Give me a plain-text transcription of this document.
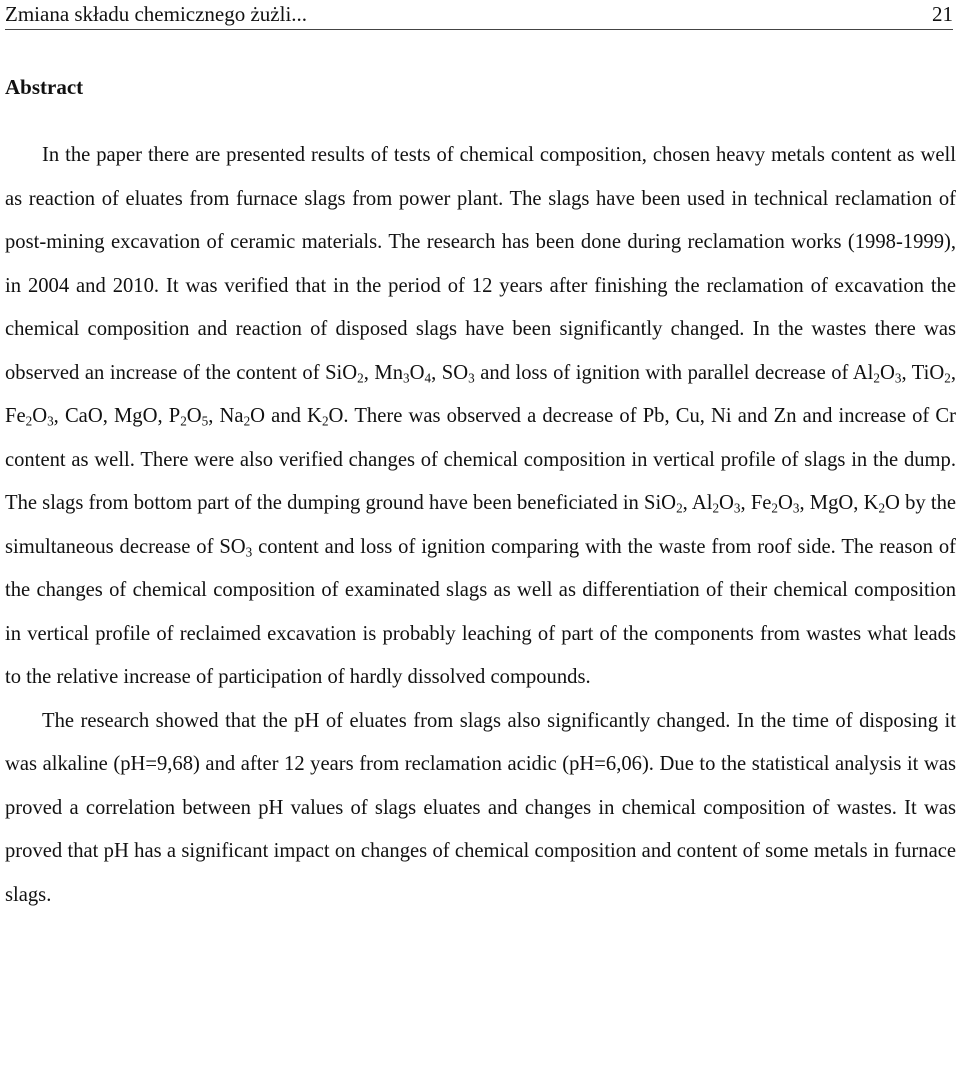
Zmiana składu chemicznego żużli...	21
Abstract

In the paper there are presented results of tests of chemical composition, chosen heavy metals content as well as reaction of eluates from furnace slags from power plant. The slags have been used in technical reclamation of post-mining excavation of ceramic materials. The research has been done during reclamation works (1998-1999), in 2004 and 2010. It was verified that in the period of 12 years after finishing the reclamation of excavation the chemical composition and reaction of disposed slags have been significantly changed. In the wastes there was observed an increase of the content of SiO$_2$, $Mn_3O_4$, $SO_3$ and loss of ignition with parallel decrease of $Al_2O_3$, TiO$_2$, $Fe_2O_3$, CaO, MgO, $P_2O_5$, $Na_2O$ and $K_2O$. There was observed a decrease of Pb, Cu, Ni and Zn and increase of Cr content as well. There were also verified changes of chemical composition in vertical profile of slags in the dump. The slags from bottom part of the dumping ground have been beneficiated in SiO$_2$, $Al_2O_3$, $Fe_2O_3$, MgO, $K_2O$ by the simultaneous decrease of $SO_3$ content and loss of ignition comparing with the waste from roof side. The reason of the changes of chemical composition of examinated slags as well as differentiation of their chemical composition in vertical profile of reclaimed excavation is probably leaching of part of the components from wastes what leads to the relative increase of participation of hardly dissolved compounds.

The research showed that the pH of eluates from slags also significantly changed. In the time of disposing it was alkaline (pH=9,68) and after 12 years from reclamation acidic (pH=6,06). Due to the statistical analysis it was proved a correlation between pH values of slags eluates and changes in chemical composition of wastes. It was proved that pH has a significant impact on changes of chemical composition and content of some metals in furnace slags.
